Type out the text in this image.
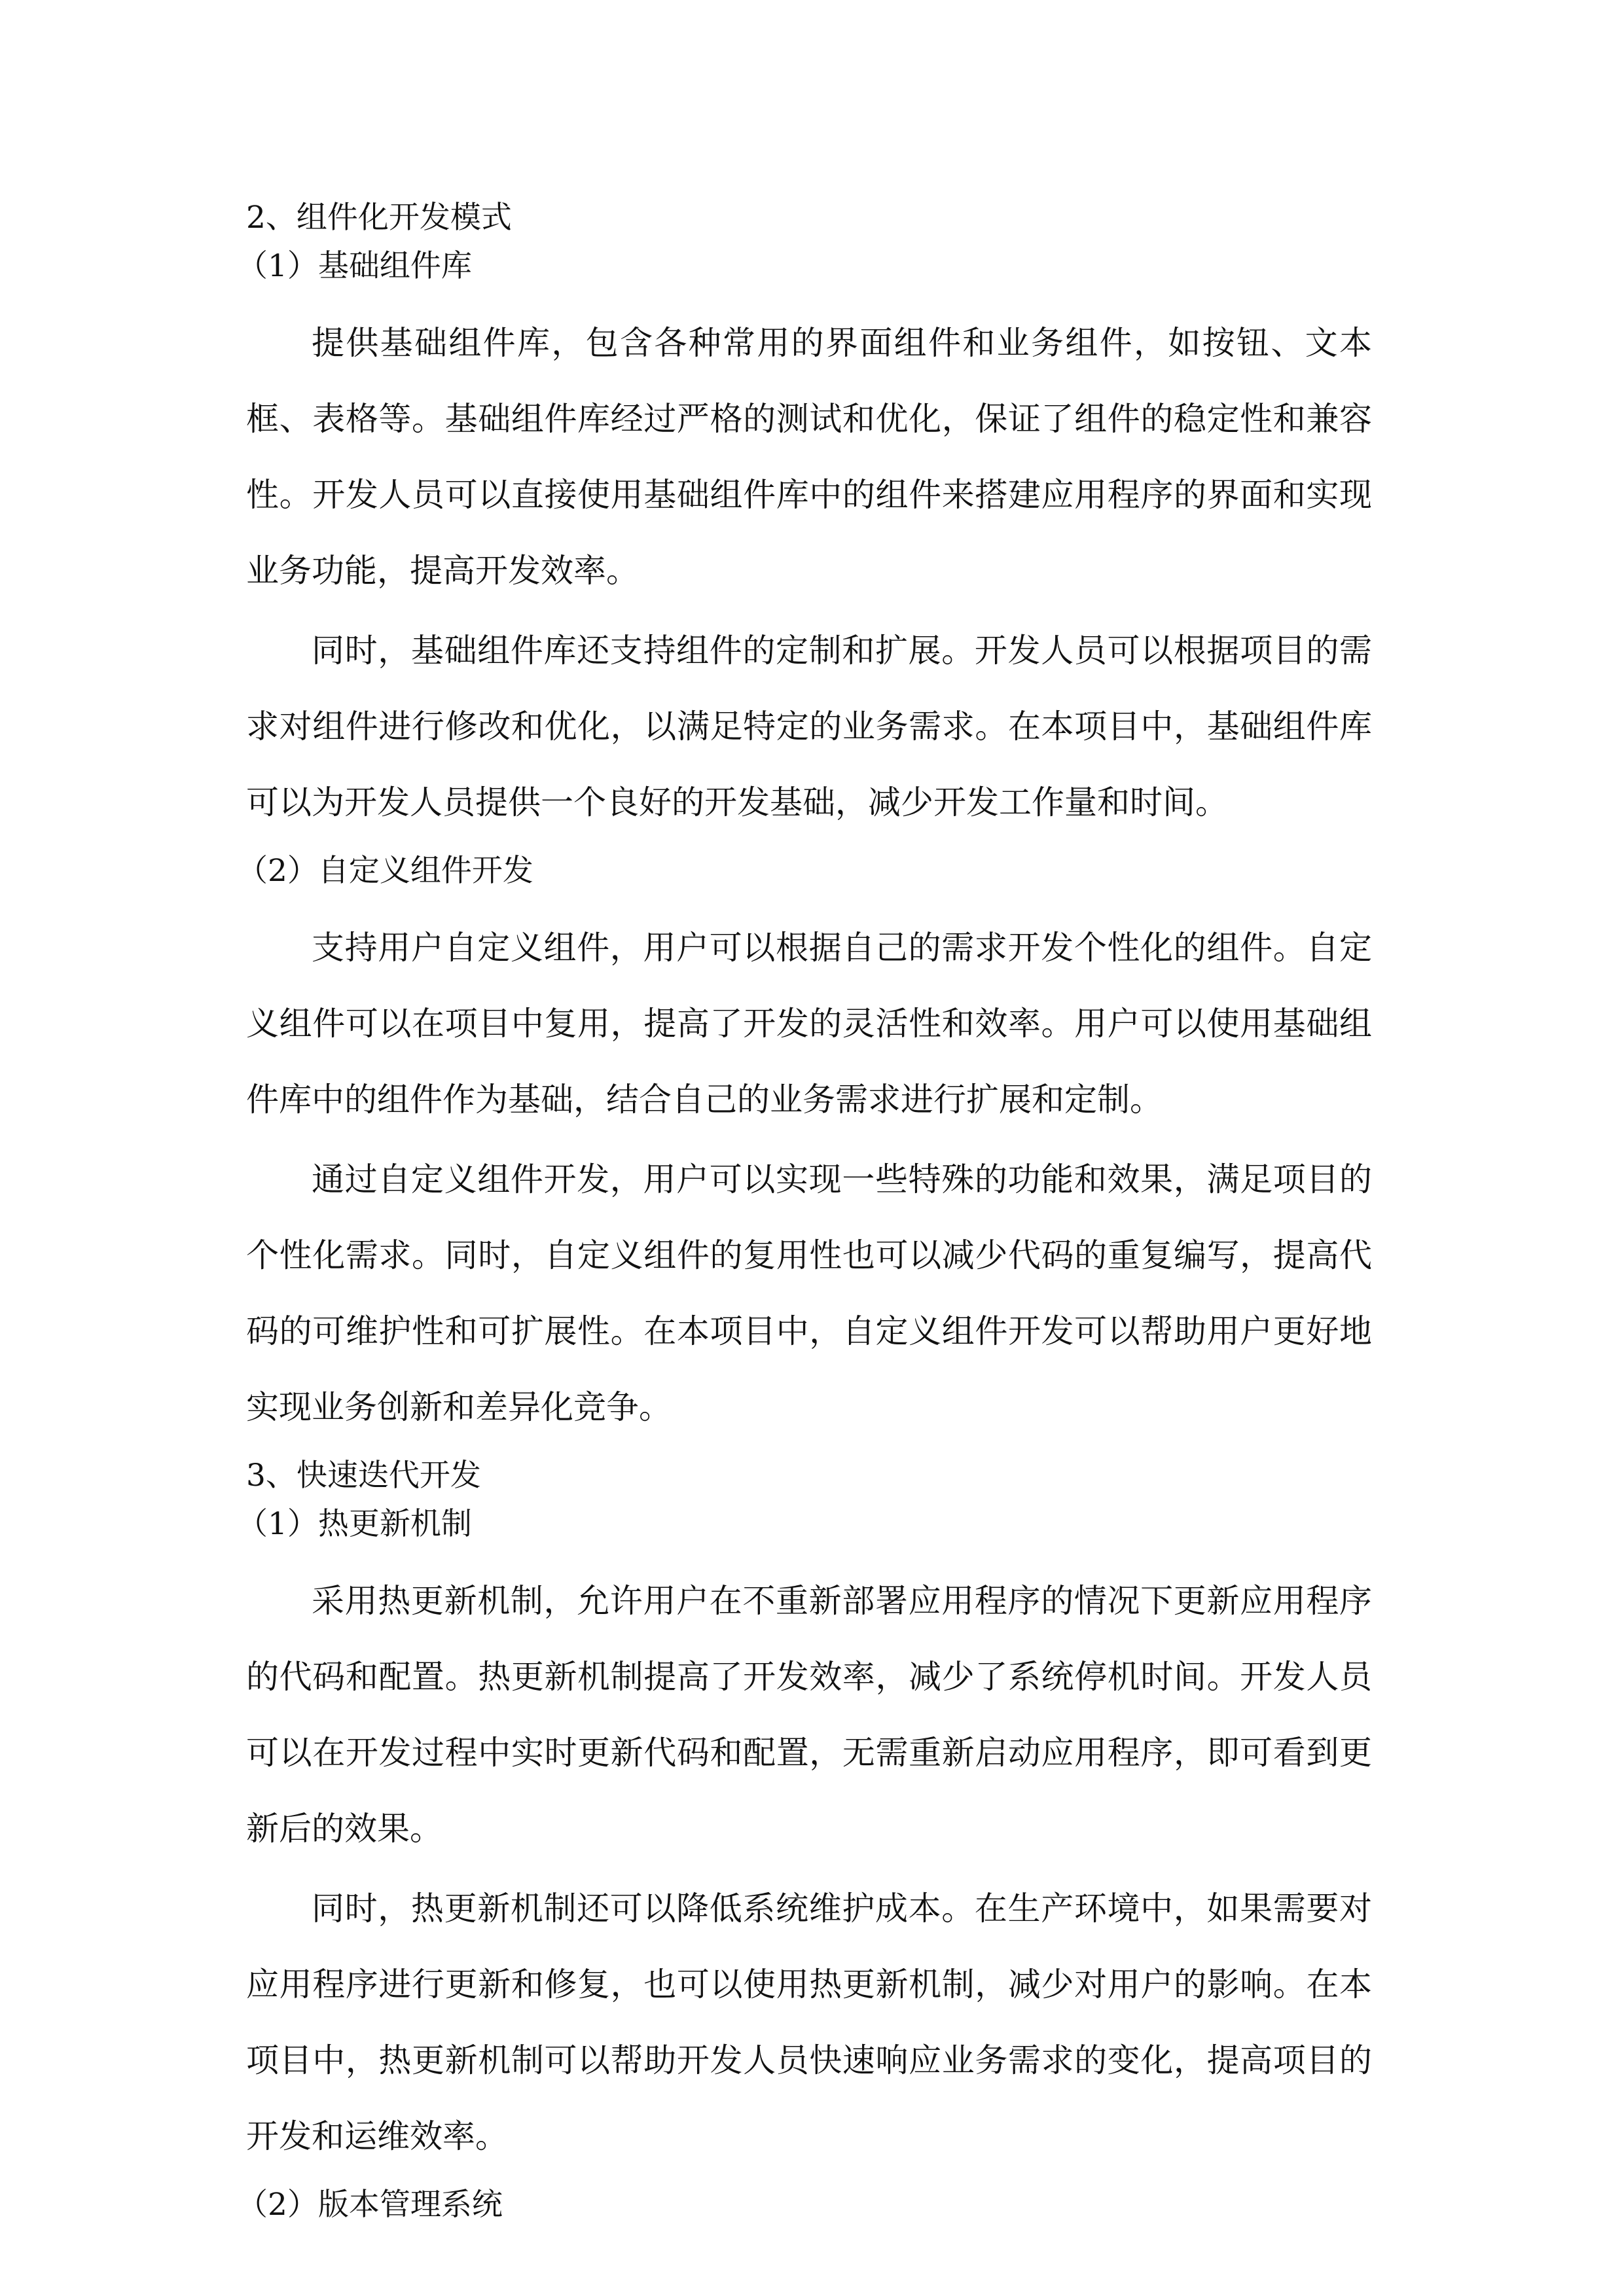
2、组件化开发模式

（1）基础组件库

提供基础组件库，包含各种常用的界面组件和业务组件，如按钮、文本框、表格等。基础组件库经过严格的测试和优化，保证了组件的稳定性和兼容性。开发人员可以直接使用基础组件库中的组件来搭建应用程序的界面和实现业务功能，提高开发效率。

同时，基础组件库还支持组件的定制和扩展。开发人员可以根据项目的需求对组件进行修改和优化，以满足特定的业务需求。在本项目中，基础组件库可以为开发人员提供一个良好的开发基础，减少开发工作量和时间。

（2）自定义组件开发

支持用户自定义组件，用户可以根据自己的需求开发个性化的组件。自定义组件可以在项目中复用，提高了开发的灵活性和效率。用户可以使用基础组件库中的组件作为基础，结合自己的业务需求进行扩展和定制。

通过自定义组件开发，用户可以实现一些特殊的功能和效果，满足项目的个性化需求。同时，自定义组件的复用性也可以减少代码的重复编写，提高代码的可维护性和可扩展性。在本项目中，自定义组件开发可以帮助用户更好地实现业务创新和差异化竞争。

3、快速迭代开发

（1）热更新机制

采用热更新机制，允许用户在不重新部署应用程序的情况下更新应用程序的代码和配置。热更新机制提高了开发效率，减少了系统停机时间。开发人员可以在开发过程中实时更新代码和配置，无需重新启动应用程序，即可看到更新后的效果。

同时，热更新机制还可以降低系统维护成本。在生产环境中，如果需要对应用程序进行更新和修复，也可以使用热更新机制，减少对用户的影响。在本项目中，热更新机制可以帮助开发人员快速响应业务需求的变化，提高项目的开发和运维效率。

（2）版本管理系统
